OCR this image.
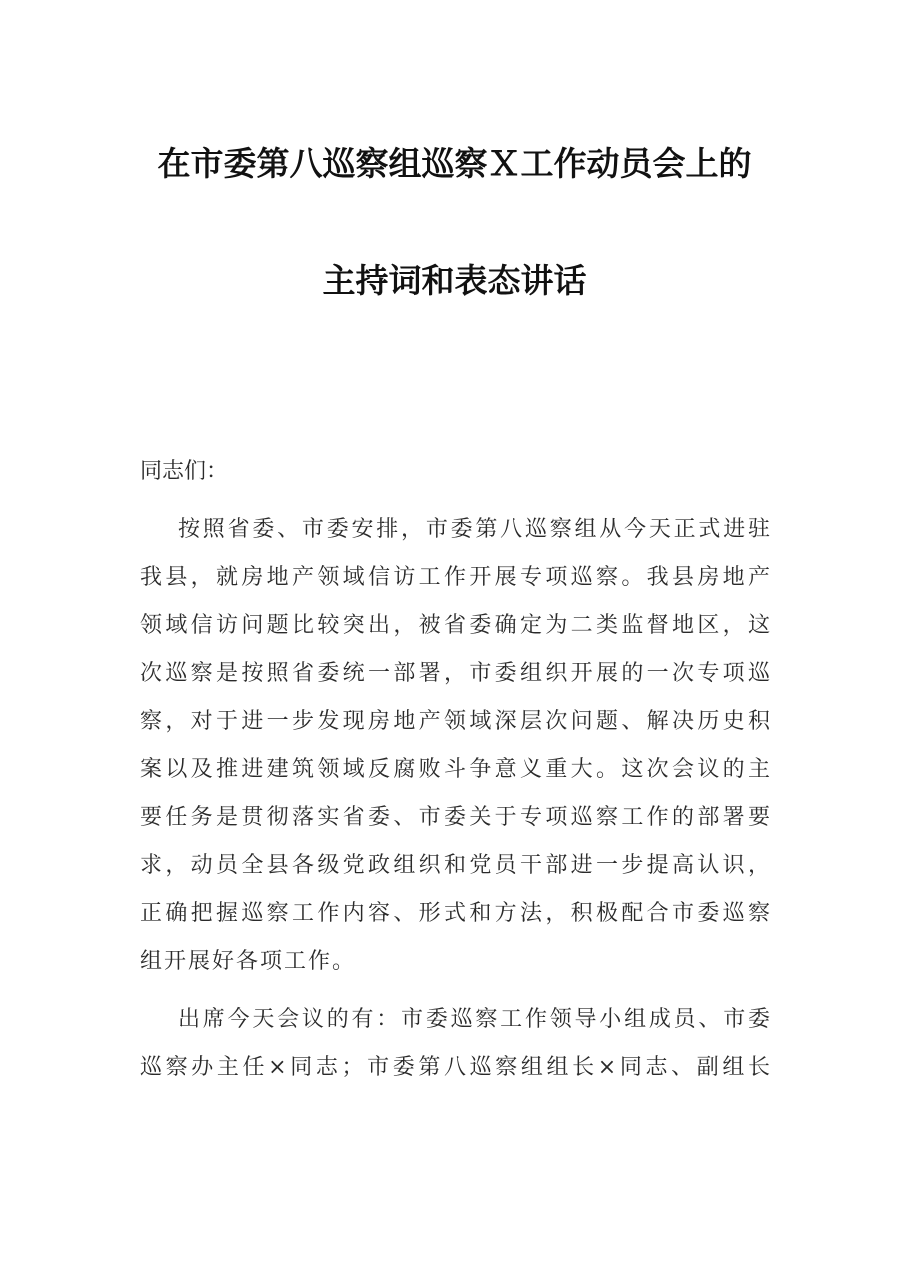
在市委第八巡察组巡察Ｘ工作动员会上的
主持词和表态讲话
同志们：
按照省委、市委安排，市委第八巡察组从今天正式进驻
我县，就房地产领域信访工作开展专项巡察。我县房地产
领域信访问题比较突出，被省委确定为二类监督地区，这
次巡察是按照省委统一部署，市委组织开展的一次专项巡
察，对于进一步发现房地产领域深层次问题、解决历史积
案以及推进建筑领域反腐败斗争意义重大。这次会议的主
要任务是贯彻落实省委、市委关于专项巡察工作的部署要
求，动员全县各级党政组织和党员干部进一步提高认识，
正确把握巡察工作内容、形式和方法，积极配合市委巡察
组开展好各项工作。
出席今天会议的有：市委巡察工作领导小组成员、市委
巡察办主任×同志；市委第八巡察组组长×同志、副组长
